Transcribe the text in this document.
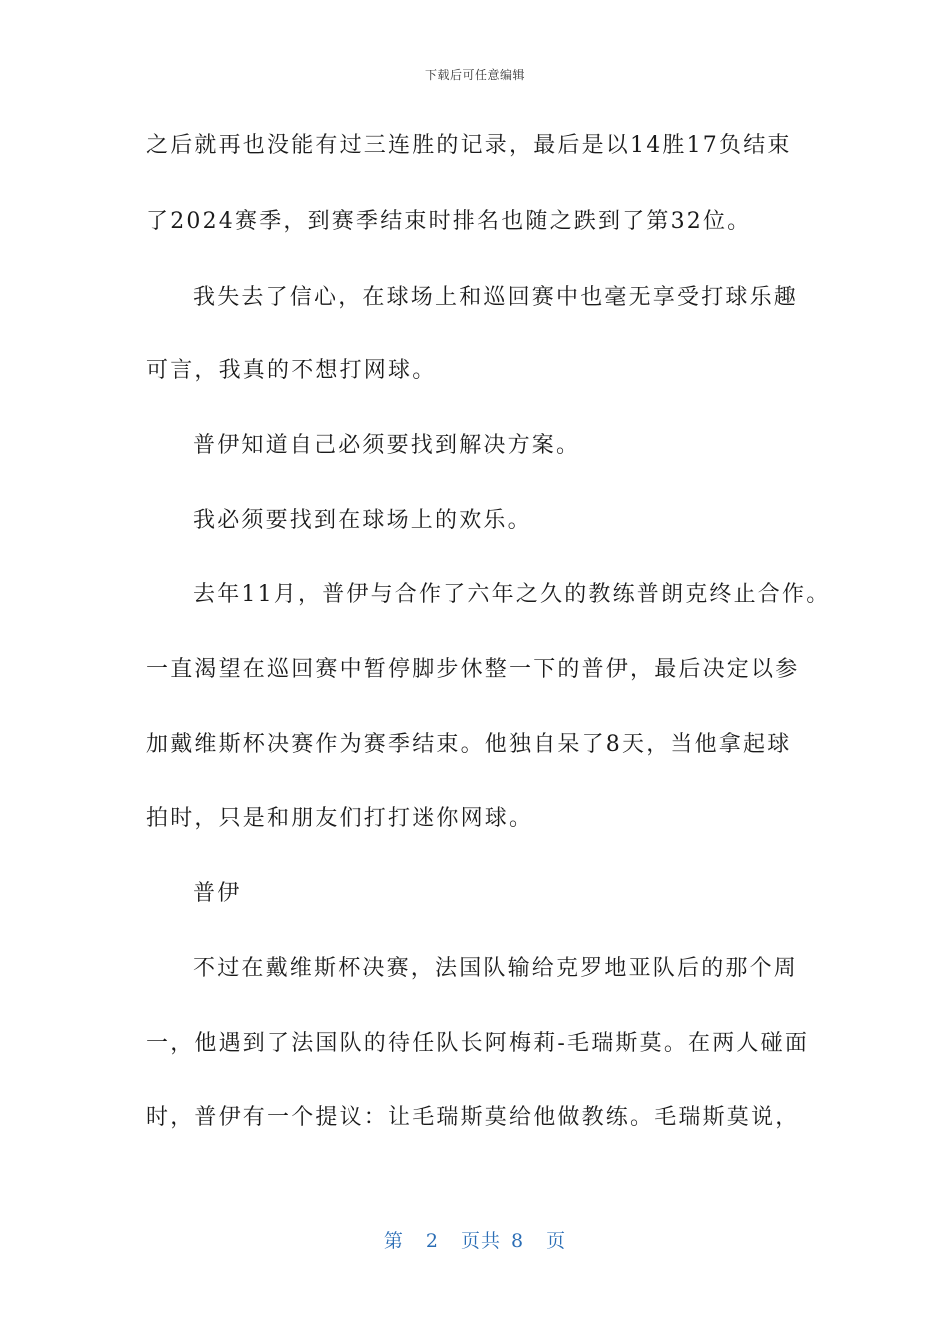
下载后可任意编辑
之后就再也没能有过三连胜的记录，最后是以14胜17负结束
了2024赛季，到赛季结束时排名也随之跌到了第32位。
我失去了信心，在球场上和巡回赛中也毫无享受打球乐趣
可言，我真的不想打网球。
普伊知道自己必须要找到解决方案。
我必须要找到在球场上的欢乐。
去年11月，普伊与合作了六年之久的教练普朗克终止合作。
一直渴望在巡回赛中暂停脚步休整一下的普伊，最后决定以参
加戴维斯杯决赛作为赛季结束。他独自呆了8天，当他拿起球
拍时，只是和朋友们打打迷你网球。
普伊
不过在戴维斯杯决赛，法国队输给克罗地亚队后的那个周
一，他遇到了法国队的待任队长阿梅莉-毛瑞斯莫。在两人碰面
时，普伊有一个提议：让毛瑞斯莫给他做教练。毛瑞斯莫说，
第 2 页共 8 页
